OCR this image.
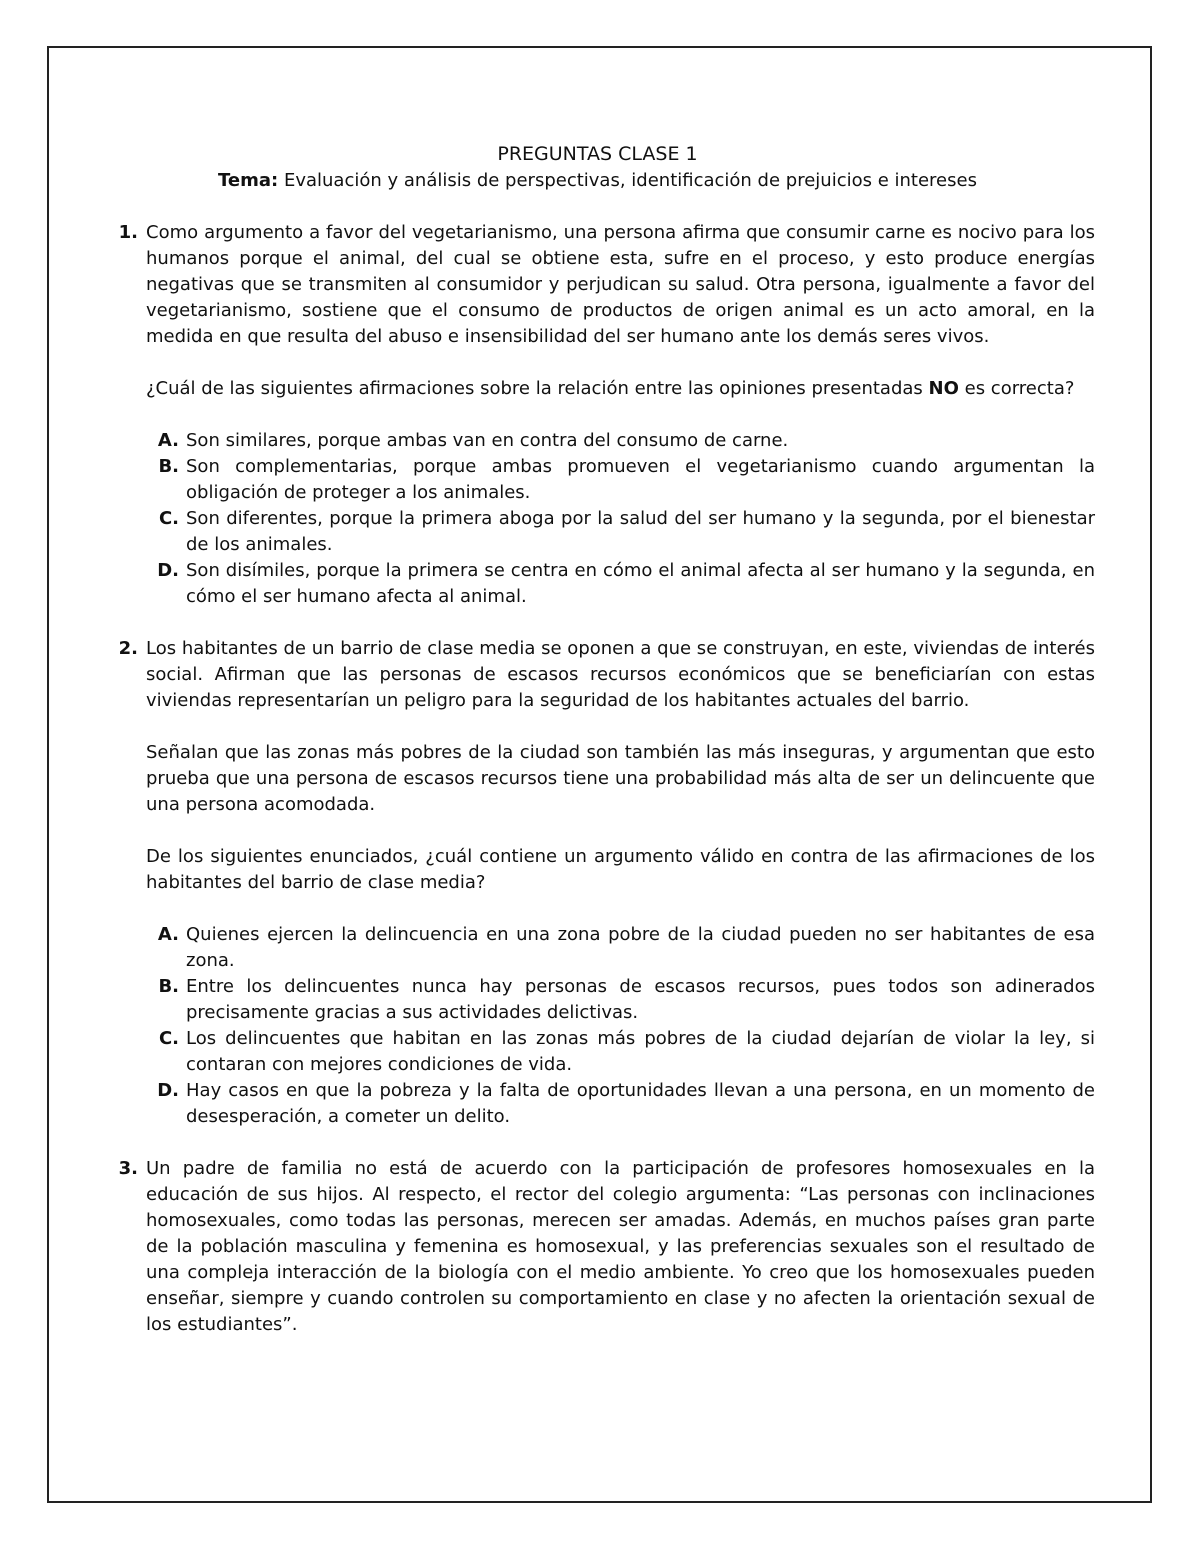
PREGUNTAS CLASE 1
Tema: Evaluación y análisis de perspectivas, identificación de prejuicios e intereses
1. Como argumento a favor del vegetarianismo, una persona afirma que consumir carne es nocivo para los humanos porque el animal, del cual se obtiene esta, sufre en el proceso, y esto produce energías negativas que se transmiten al consumidor y perjudican su salud. Otra persona, igualmente a favor del vegetarianismo, sostiene que el consumo de productos de origen animal es un acto amoral, en la medida en que resulta del abuso e insensibilidad del ser humano ante los demás seres vivos.

¿Cuál de las siguientes afirmaciones sobre la relación entre las opiniones presentadas NO es correcta?

A. Son similares, porque ambas van en contra del consumo de carne.
B. Son complementarias, porque ambas promueven el vegetarianismo cuando argumentan la obligación de proteger a los animales.
C. Son diferentes, porque la primera aboga por la salud del ser humano y la segunda, por el bienestar de los animales.
D. Son disímiles, porque la primera se centra en cómo el animal afecta al ser humano y la segunda, en cómo el ser humano afecta al animal.
2. Los habitantes de un barrio de clase media se oponen a que se construyan, en este, viviendas de interés social. Afirman que las personas de escasos recursos económicos que se beneficiarían con estas viviendas representarían un peligro para la seguridad de los habitantes actuales del barrio.

Señalan que las zonas más pobres de la ciudad son también las más inseguras, y argumentan que esto prueba que una persona de escasos recursos tiene una probabilidad más alta de ser un delincuente que una persona acomodada.

De los siguientes enunciados, ¿cuál contiene un argumento válido en contra de las afirmaciones de los habitantes del barrio de clase media?

A. Quienes ejercen la delincuencia en una zona pobre de la ciudad pueden no ser habitantes de esa zona.
B. Entre los delincuentes nunca hay personas de escasos recursos, pues todos son adinerados precisamente gracias a sus actividades delictivas.
C. Los delincuentes que habitan en las zonas más pobres de la ciudad dejarían de violar la ley, si contaran con mejores condiciones de vida.
D. Hay casos en que la pobreza y la falta de oportunidades llevan a una persona, en un momento de desesperación, a cometer un delito.
3. Un padre de familia no está de acuerdo con la participación de profesores homosexuales en la educación de sus hijos. Al respecto, el rector del colegio argumenta: “Las personas con inclinaciones homosexuales, como todas las personas, merecen ser amadas. Además, en muchos países gran parte de la población masculina y femenina es homosexual, y las preferencias sexuales son el resultado de una compleja interacción de la biología con el medio ambiente. Yo creo que los homosexuales pueden enseñar, siempre y cuando controlen su comportamiento en clase y no afecten la orientación sexual de los estudiantes”.
